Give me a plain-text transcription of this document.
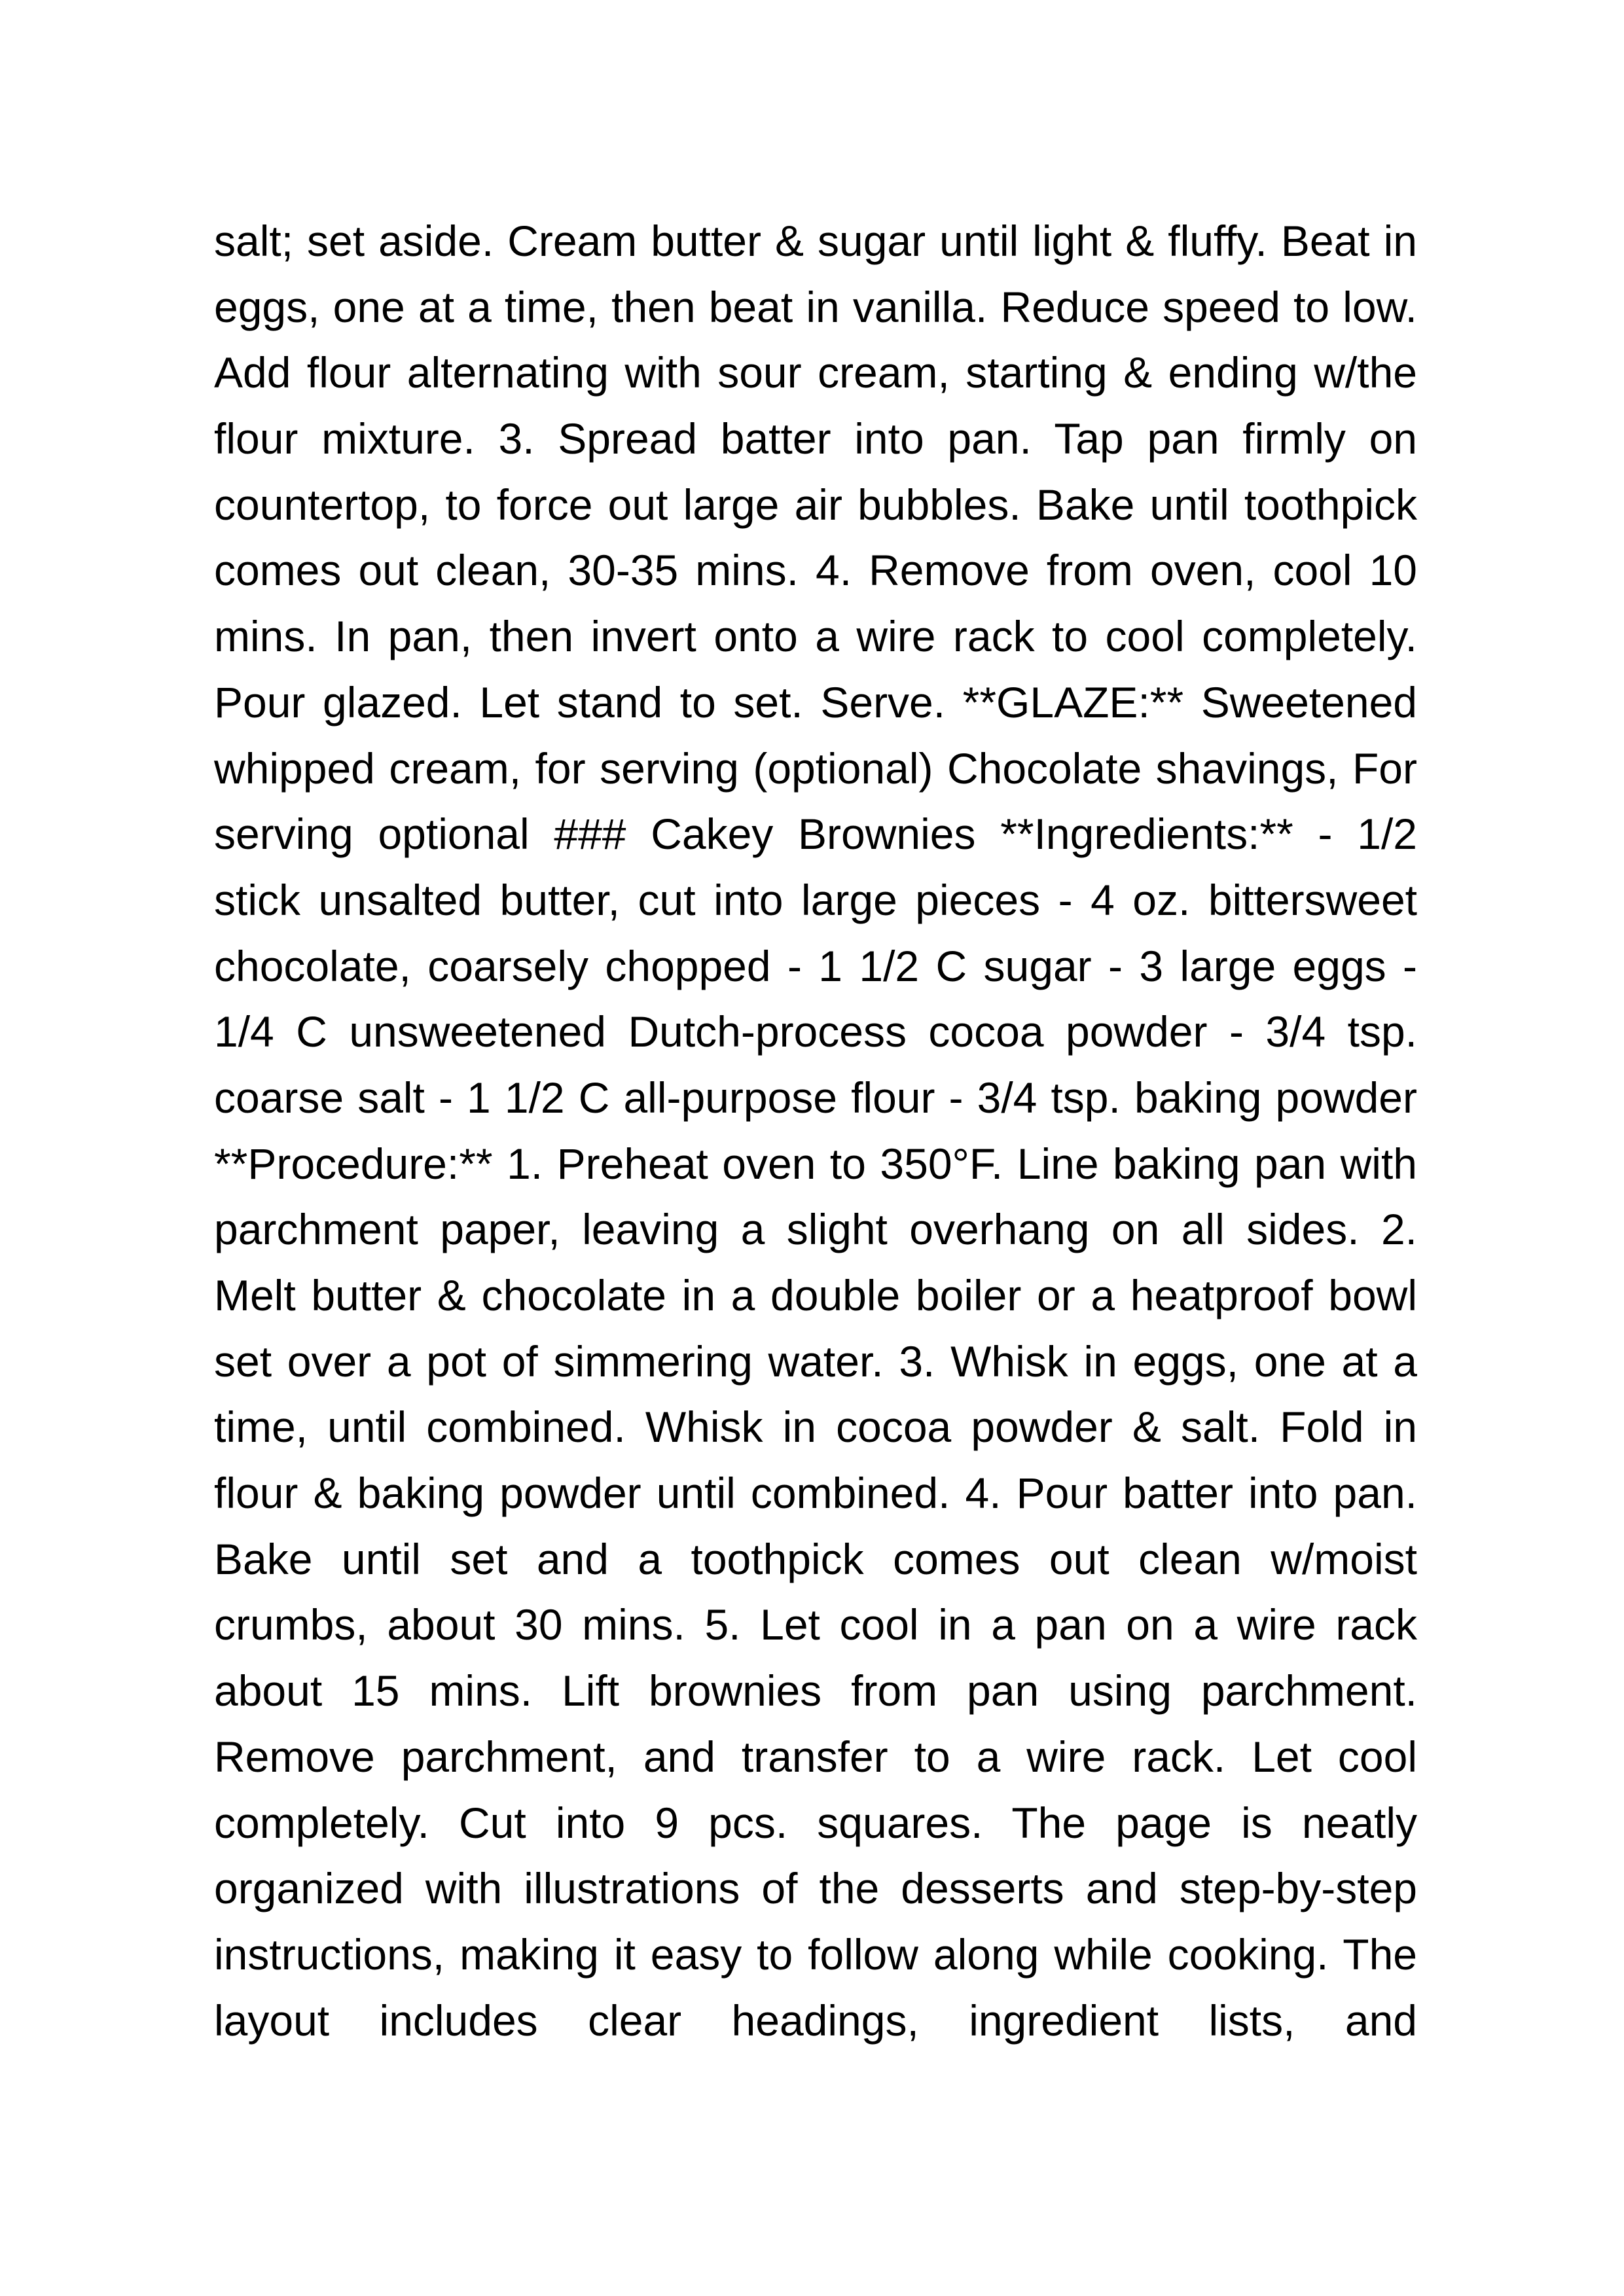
salt; set aside. Cream butter & sugar until light & fluffy. Beat in
eggs, one at a time, then beat in vanilla. Reduce speed to low.
Add flour alternating with sour cream, starting & ending w/the
flour mixture. 3. Spread batter into pan. Tap pan firmly on
countertop, to force out large air bubbles. Bake until toothpick
comes out clean, 30-35 mins. 4. Remove from oven, cool 10
mins. In pan, then invert onto a wire rack to cool completely.
Pour glazed. Let stand to set. Serve. **GLAZE:** Sweetened
whipped cream, for serving (optional) Chocolate shavings, For
serving optional ### Cakey Brownies **Ingredients:** - 1/2
stick unsalted butter, cut into large pieces - 4 oz. bittersweet
chocolate, coarsely chopped - 1 1/2 C sugar - 3 large eggs -
1/4 C unsweetened Dutch-process cocoa powder - 3/4 tsp.
coarse salt - 1 1/2 C all-purpose flour - 3/4 tsp. baking powder
**Procedure:** 1. Preheat oven to 350°F. Line baking pan with
parchment paper, leaving a slight overhang on all sides. 2.
Melt butter & chocolate in a double boiler or a heatproof bowl
set over a pot of simmering water. 3. Whisk in eggs, one at a
time, until combined. Whisk in cocoa powder & salt. Fold in
flour & baking powder until combined. 4. Pour batter into pan.
Bake until set and a toothpick comes out clean w/moist
crumbs, about 30 mins. 5. Let cool in a pan on a wire rack
about 15 mins. Lift brownies from pan using parchment.
Remove parchment, and transfer to a wire rack. Let cool
completely. Cut into 9 pcs. squares. The page is neatly
organized with illustrations of the desserts and step-by-step
instructions, making it easy to follow along while cooking. The
layout includes clear headings, ingredient lists, and
